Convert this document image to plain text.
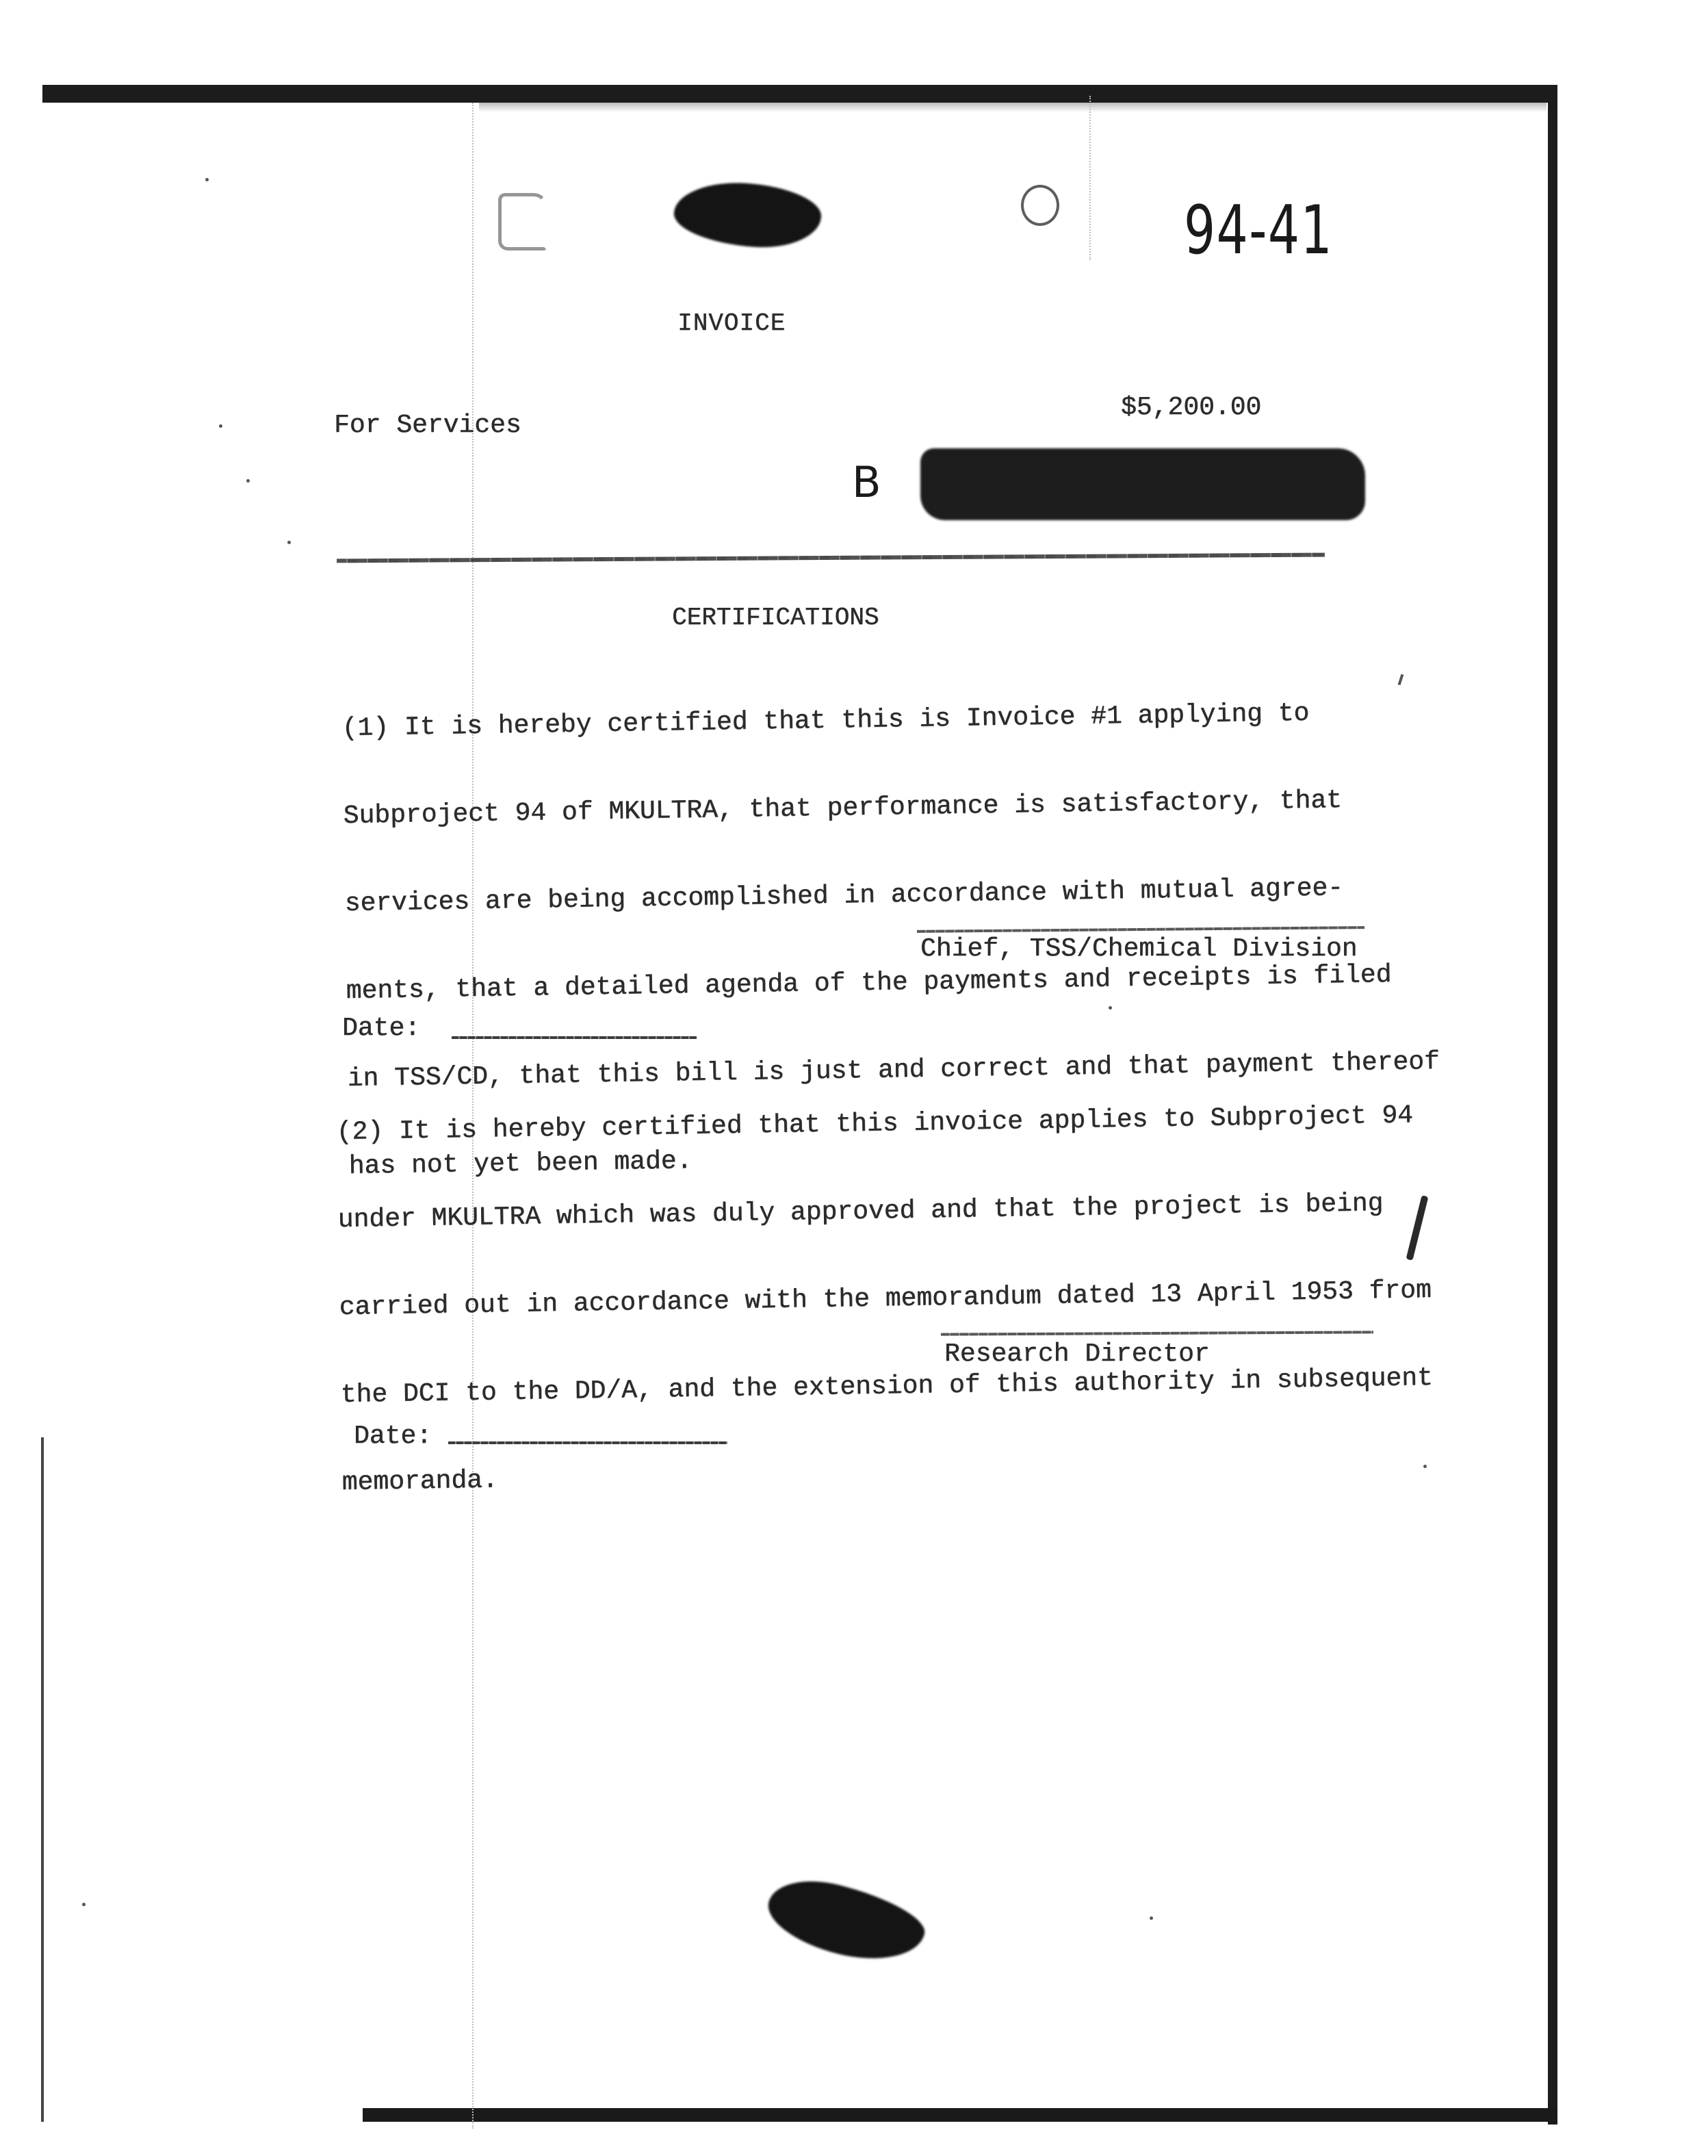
94-41
INVOICE
For Services
$5,200.00
B
CERTIFICATIONS

(1) It is hereby certified that this is Invoice #1 applying to

Subproject 94 of MKULTRA, that performance is satisfactory, that

services are being accomplished in accordance with mutual agree-

ments, that a detailed agenda of the payments and receipts is filed

in TSS/CD, that this bill is just and correct and that payment thereof

has not yet been made.

Chief, TSS/Chemical Division
Date:

(2) It is hereby certified that this invoice applies to Subproject 94

under MKULTRA which was duly approved and that the project is being

carried out in accordance with the memorandum dated 13 April 1953 from

the DCI to the DD/A, and the extension of this authority in subsequent

memoranda.

Research Director
Date:
